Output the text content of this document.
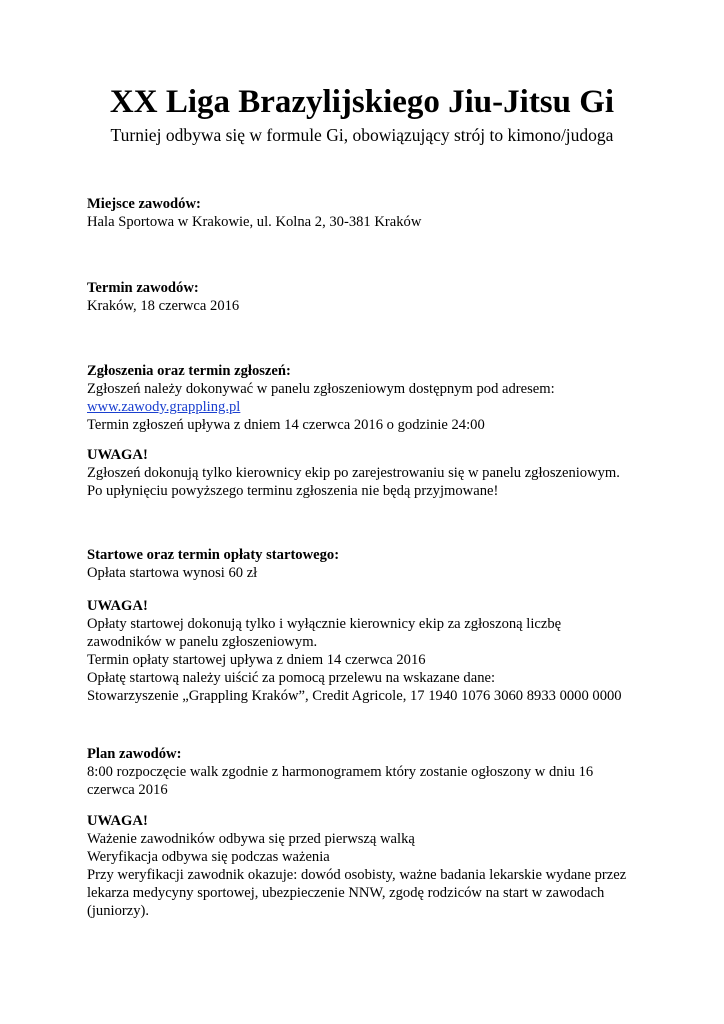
XX Liga Brazylijskiego Jiu-Jitsu Gi

Turniej odbywa się w formule Gi, obowiązujący strój to kimono/judoga

Miejsce zawodów:
Hala Sportowa w Krakowie, ul. Kolna 2, 30-381 Kraków
Termin zawodów:
Kraków, 18 czerwca 2016
Zgłoszenia oraz termin zgłoszeń:
Zgłoszeń należy dokonywać w panelu zgłoszeniowym dostępnym pod adresem:
www.zawody.grappling.pl
Termin zgłoszeń upływa z dniem 14 czerwca 2016 o godzinie 24:00
UWAGA!
Zgłoszeń dokonują tylko kierownicy ekip po zarejestrowaniu się w panelu zgłoszeniowym.
Po upłynięciu powyższego terminu zgłoszenia nie będą przyjmowane!
Startowe oraz termin opłaty startowego:
Opłata startowa wynosi 60 zł
UWAGA!
Opłaty startowej dokonują tylko i wyłącznie kierownicy ekip za zgłoszoną liczbę
zawodników w panelu zgłoszeniowym.
Termin opłaty startowej upływa z dniem 14 czerwca 2016
Opłatę startową należy uiścić za pomocą przelewu na wskazane dane:
Stowarzyszenie „Grappling Kraków”, Credit Agricole, 17 1940 1076 3060 8933 0000 0000
Plan zawodów:
8:00 rozpoczęcie walk zgodnie z harmonogramem który zostanie ogłoszony w dniu 16
czerwca 2016
UWAGA!
Ważenie zawodników odbywa się przed pierwszą walką
Weryfikacja odbywa się podczas ważenia
Przy weryfikacji zawodnik okazuje: dowód osobisty, ważne badania lekarskie wydane przez
lekarza medycyny sportowej, ubezpieczenie NNW, zgodę rodziców na start w zawodach
(juniorzy).
